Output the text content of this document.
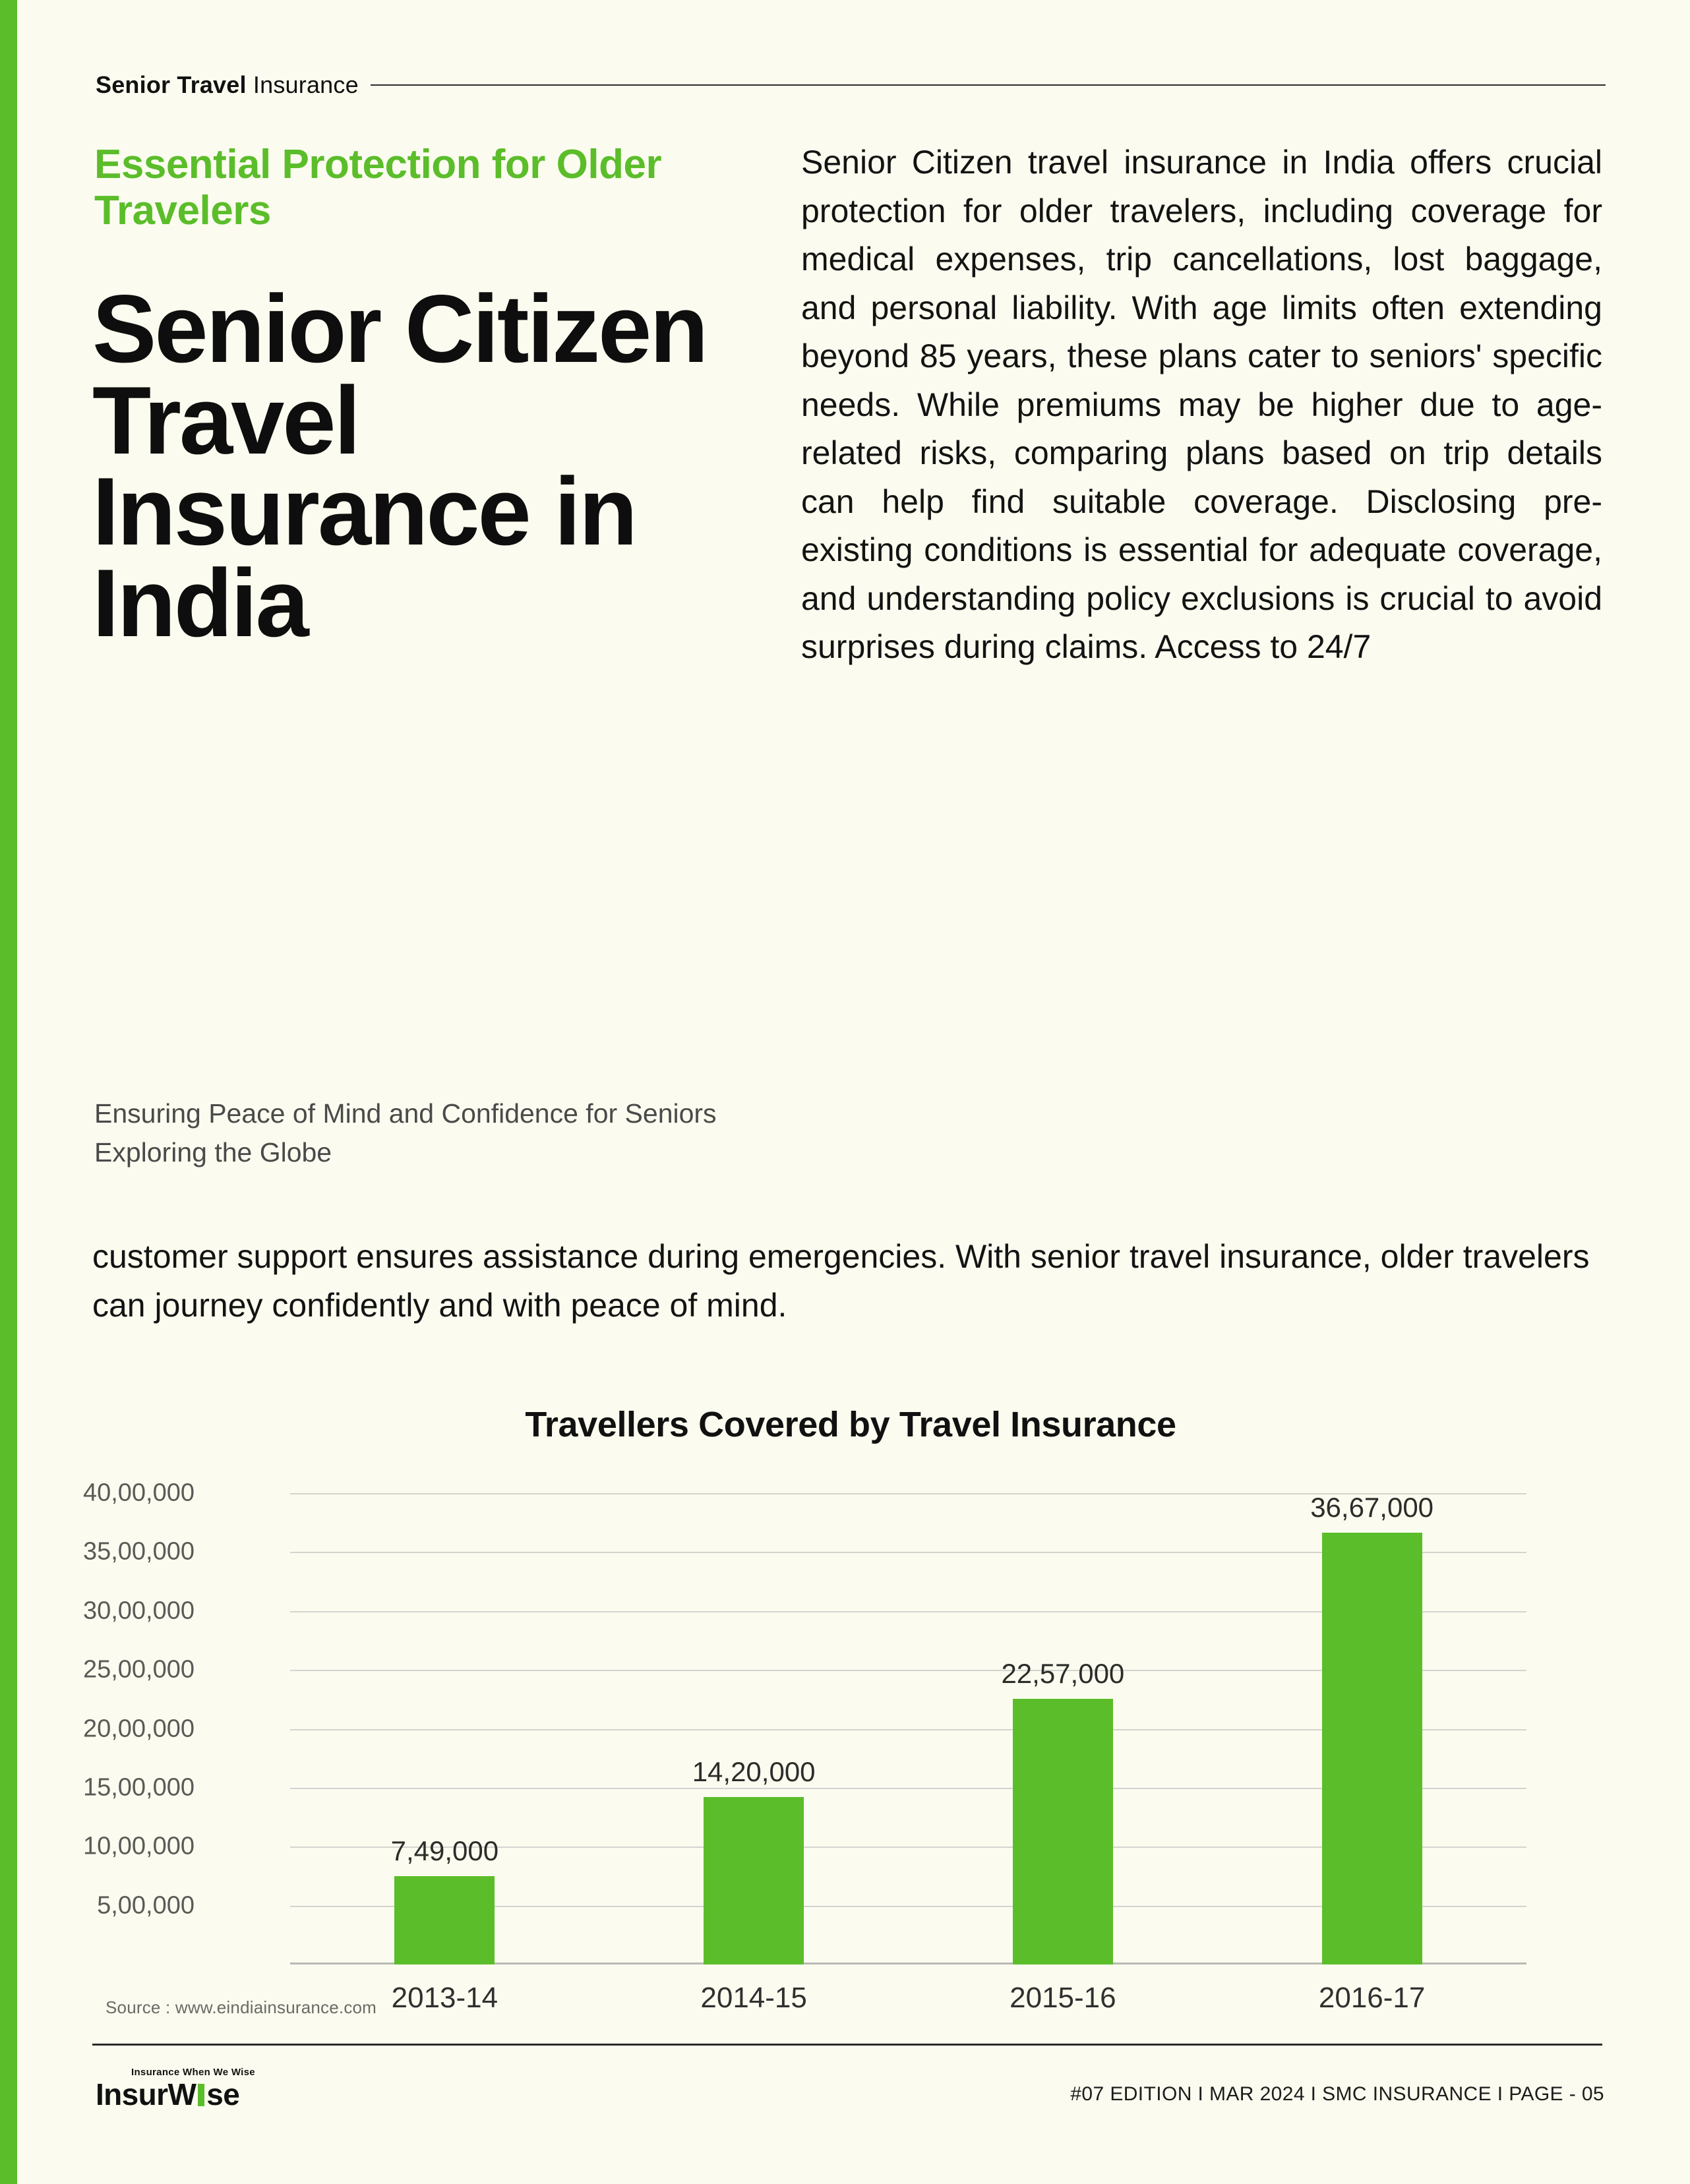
Senior Travel Insurance
Essential Protection for Older Travelers
Senior Citizen Travel Insurance in India
Ensuring Peace of Mind and Confidence for Seniors Exploring the Globe
Senior Citizen travel insurance in India offers crucial protection for older travelers, including coverage for medical expenses, trip cancellations, lost baggage, and personal liability. With age limits often extending beyond 85 years, these plans cater to seniors' specific needs. While premiums may be higher due to age-related risks, comparing plans based on trip details can help find suitable coverage. Disclosing pre-existing conditions is essential for adequate coverage, and understanding policy exclusions is crucial to avoid surprises during claims. Access to 24/7
customer support ensures assistance during emergencies. With senior travel insurance, older travelers can journey confidently and with peace of mind.
Travellers Covered by Travel Insurance
40,00,000
35,00,000
30,00,000
25,00,000
20,00,000
15,00,000
10,00,000
5,00,000
7,49,000
2013-14
14,20,000
2014-15
22,57,000
2015-16
36,67,000
2016-17
Source : www.eindiainsurance.com
Insurance When We Wise
InsurW se	#07 EDITION I MAR 2024 I SMC INSURANCE I PAGE - 05
